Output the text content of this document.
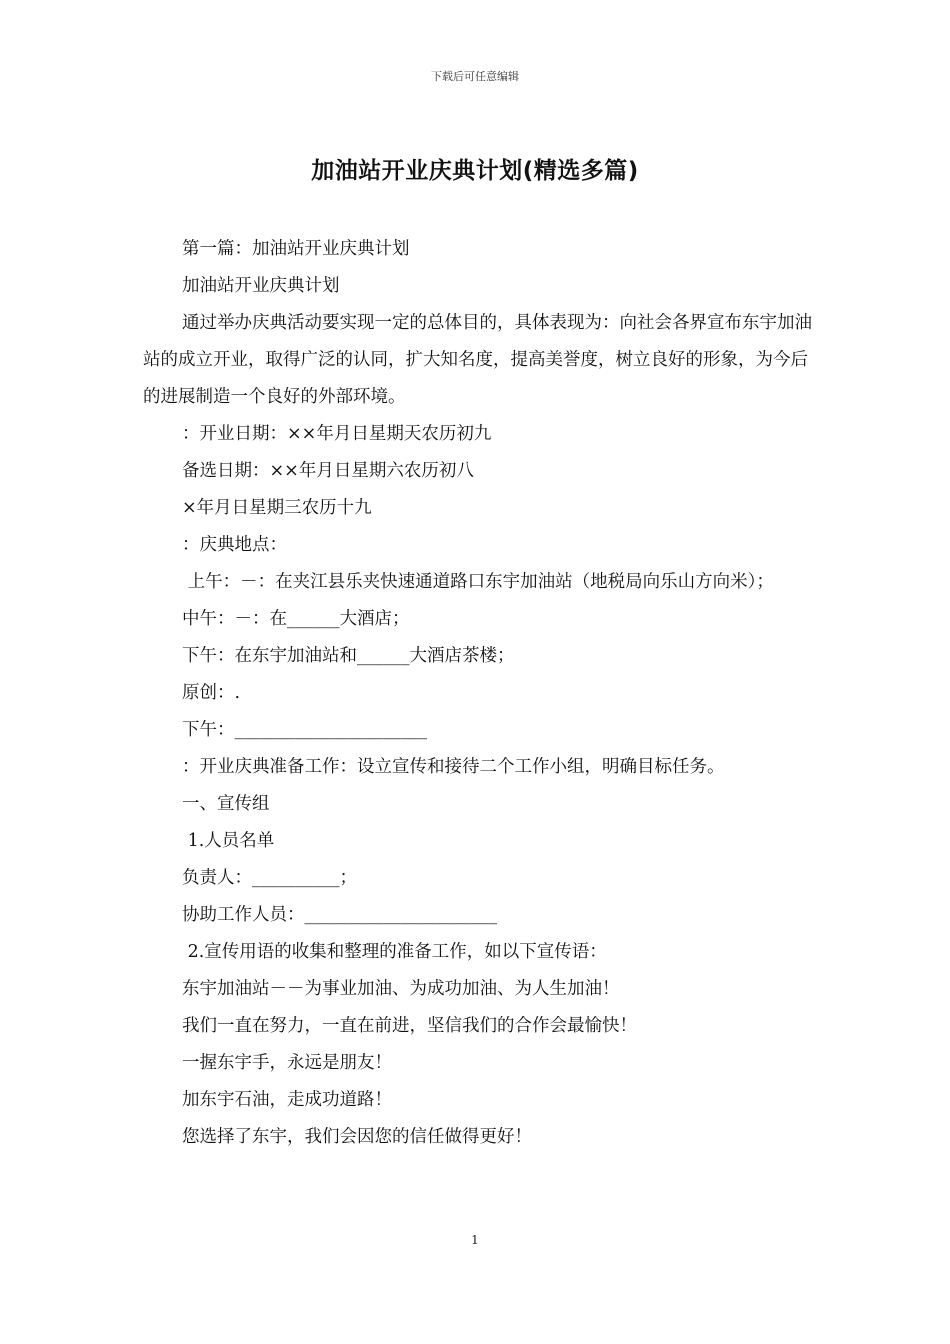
下载后可任意编辑
加油站开业庆典计划(精选多篇)

第一篇：加油站开业庆典计划

加油站开业庆典计划

通过举办庆典活动要实现一定的总体目的，具体表现为：向社会各界宣布东宇加油站的成立开业，取得广泛的认同，扩大知名度，提高美誉度，树立良好的形象，为今后的进展制造一个良好的外部环境。

：开业日期：××年月日星期天农历初九

备选日期：××年月日星期六农历初八

×年月日星期三农历十九

：庆典地点：

上午：－：在夹江县乐夹快速通道路口东宇加油站（地税局向乐山方向米）；

中午：－：在______大酒店；

下午：在东宇加油站和______大酒店茶楼；

原创：.

下午：______________________

：开业庆典准备工作：设立宣传和接待二个工作小组，明确目标任务。

一、宣传组

1.人员名单

负责人：__________；

协助工作人员：______________________

2.宣传用语的收集和整理的准备工作，如以下宣传语：

东宇加油站－－为事业加油、为成功加油、为人生加油！

我们一直在努力，一直在前进，坚信我们的合作会最愉快！

一握东宇手，永远是朋友！

加东宇石油，走成功道路！

您选择了东宇，我们会因您的信任做得更好！

1
